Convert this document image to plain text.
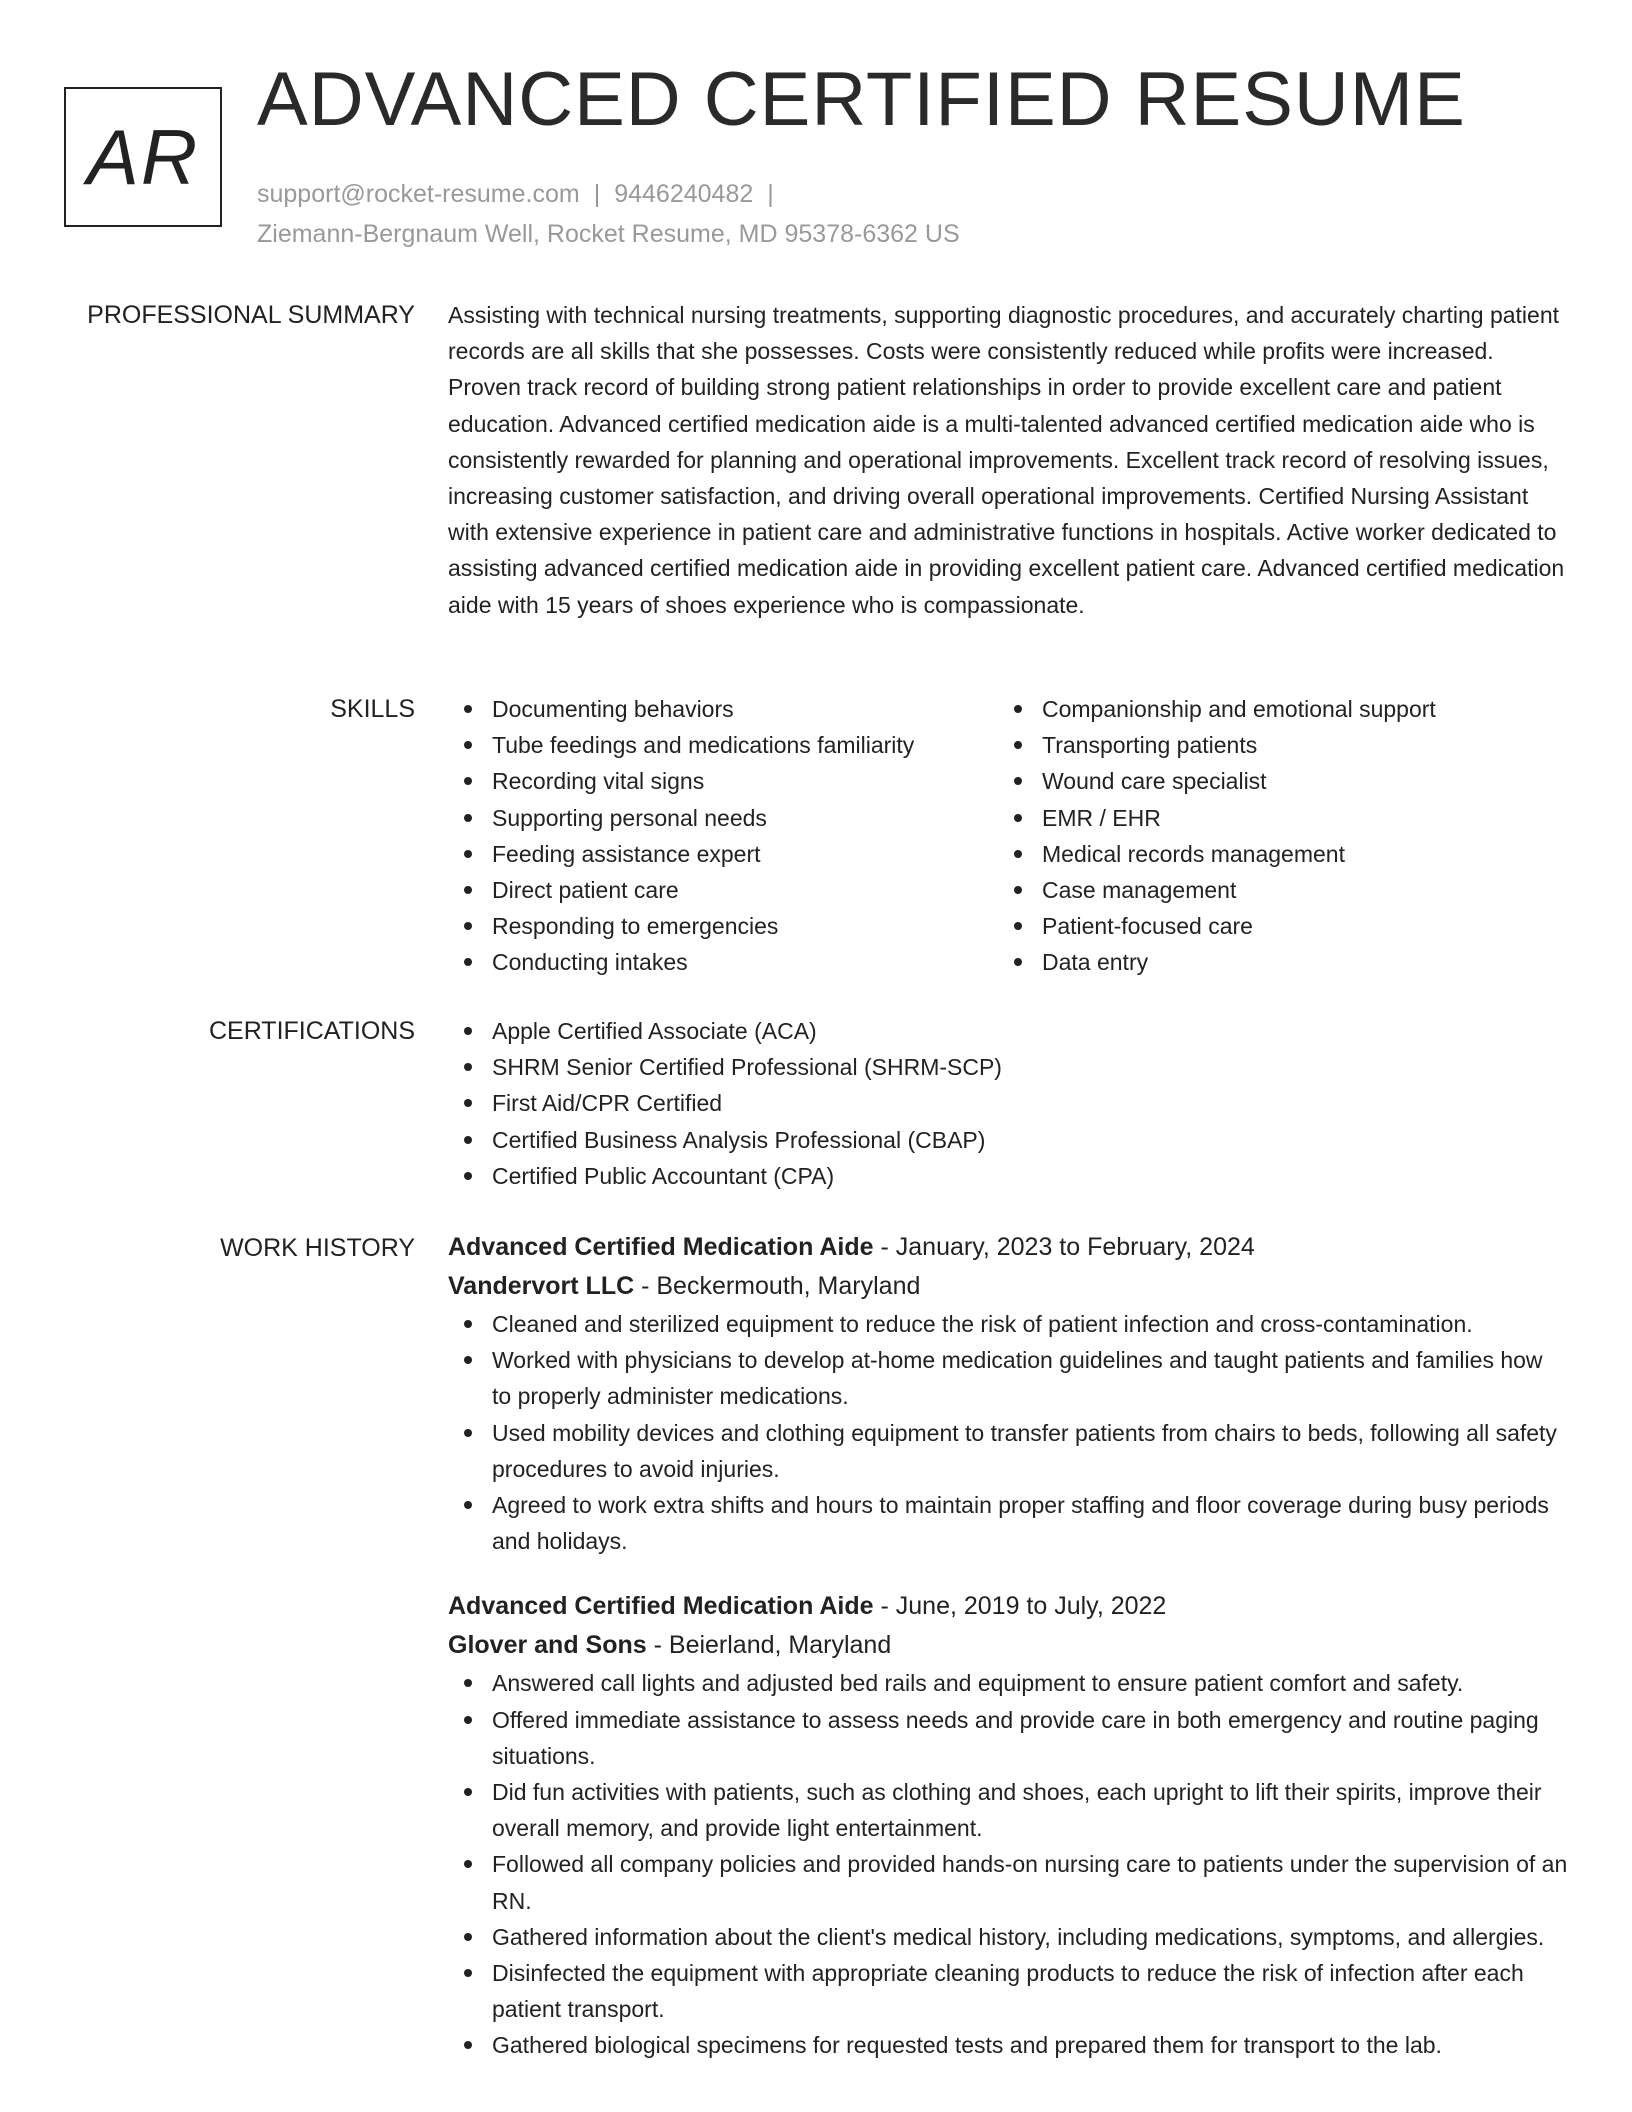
AR
ADVANCED CERTIFIED RESUME
support@rocket-resume.com | 9446240482 |
Ziemann-Bergnaum Well, Rocket Resume, MD 95378-6362 US
PROFESSIONAL SUMMARY Assisting with technical nursing treatments, supporting diagnostic procedures, and accurately charting patient records are all skills that she possesses. Costs were consistently reduced while profits were increased. Proven track record of building strong patient relationships in order to provide excellent care and patient education. Advanced certified medication aide is a multi-talented advanced certified medication aide who is consistently rewarded for planning and operational improvements. Excellent track record of resolving issues, increasing customer satisfaction, and driving overall operational improvements. Certified Nursing Assistant with extensive experience in patient care and administrative functions in hospitals. Active worker dedicated to assisting advanced certified medication aide in providing excellent patient care. Advanced certified medication aide with 15 years of shoes experience who is compassionate.

SKILLS	Documenting behaviors
Tube feedings and medications familiarity
Recording vital signs
Supporting personal needs
Feeding assistance expert
Direct patient care
Responding to emergencies
Conducting intakes
Companionship and emotional support
Transporting patients
Wound care specialist
EMR / EHR
Medical records management
Case management
Patient-focused care
Data entry
CERTIFICATIONS	Apple Certified Associate (ACA)
SHRM Senior Certified Professional (SHRM-SCP)
First Aid/CPR Certified
Certified Business Analysis Professional (CBAP)
Certified Public Accountant (CPA)
WORK HISTORY Advanced Certified Medication Aide - January, 2023 to February, 2024
Vandervort LLC - Beckermouth, Maryland
Cleaned and sterilized equipment to reduce the risk of patient infection and cross-contamination.
Worked with physicians to develop at-home medication guidelines and taught patients and families how to properly administer medications.
Used mobility devices and clothing equipment to transfer patients from chairs to beds, following all safety procedures to avoid injuries.
Agreed to work extra shifts and hours to maintain proper staffing and floor coverage during busy periods and holidays.
Advanced Certified Medication Aide - June, 2019 to July, 2022
Glover and Sons - Beierland, Maryland
Answered call lights and adjusted bed rails and equipment to ensure patient comfort and safety.
Offered immediate assistance to assess needs and provide care in both emergency and routine paging situations.
Did fun activities with patients, such as clothing and shoes, each upright to lift their spirits, improve their overall memory, and provide light entertainment.
Followed all company policies and provided hands-on nursing care to patients under the supervision of an RN.
Gathered information about the client's medical history, including medications, symptoms, and allergies.
Disinfected the equipment with appropriate cleaning products to reduce the risk of infection after each patient transport.
Gathered biological specimens for requested tests and prepared them for transport to the lab.
